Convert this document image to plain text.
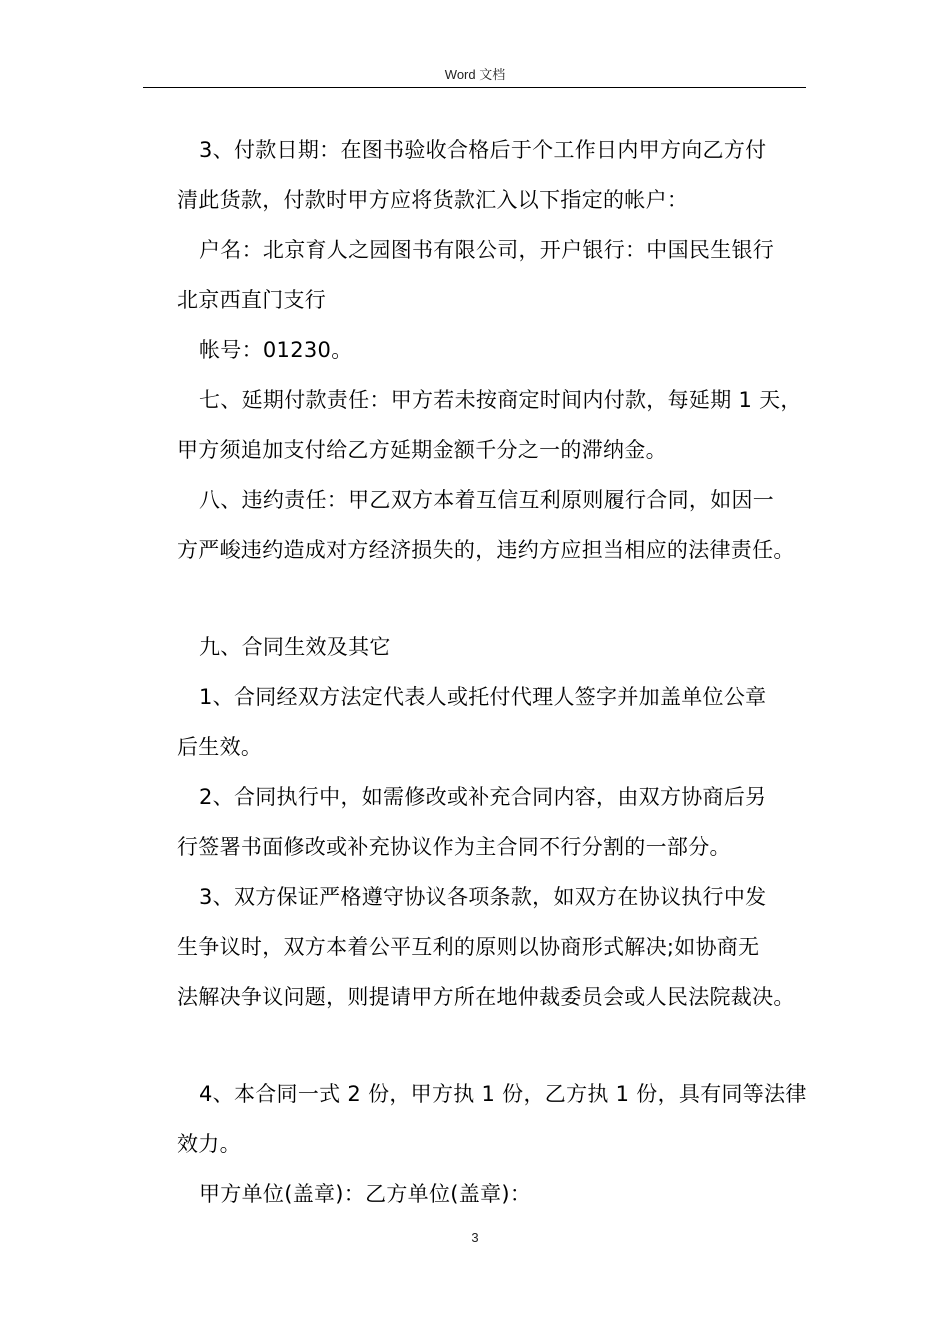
Word 文档
3、付款日期：在图书验收合格后于个工作日内甲方向乙方付
清此货款，付款时甲方应将货款汇入以下指定的帐户：
户名：北京育人之园图书有限公司，开户银行：中国民生银行
北京西直门支行
帐号：01230。
七、延期付款责任：甲方若未按商定时间内付款，每延期 1 天，
甲方须追加支付给乙方延期金额千分之一的滞纳金。
八、违约责任：甲乙双方本着互信互利原则履行合同，如因一
方严峻违约造成对方经济损失的，违约方应担当相应的法律责任。
九、合同生效及其它
1、合同经双方法定代表人或托付代理人签字并加盖单位公章
后生效。
2、合同执行中，如需修改或补充合同内容，由双方协商后另
行签署书面修改或补充协议作为主合同不行分割的一部分。
3、双方保证严格遵守协议各项条款，如双方在协议执行中发
生争议时，双方本着公平互利的原则以协商形式解决;如协商无
法解决争议问题，则提请甲方所在地仲裁委员会或人民法院裁决。
4、本合同一式 2 份，甲方执 1 份，乙方执 1 份，具有同等法律
效力。
甲方单位(盖章)：乙方单位(盖章)：
3
